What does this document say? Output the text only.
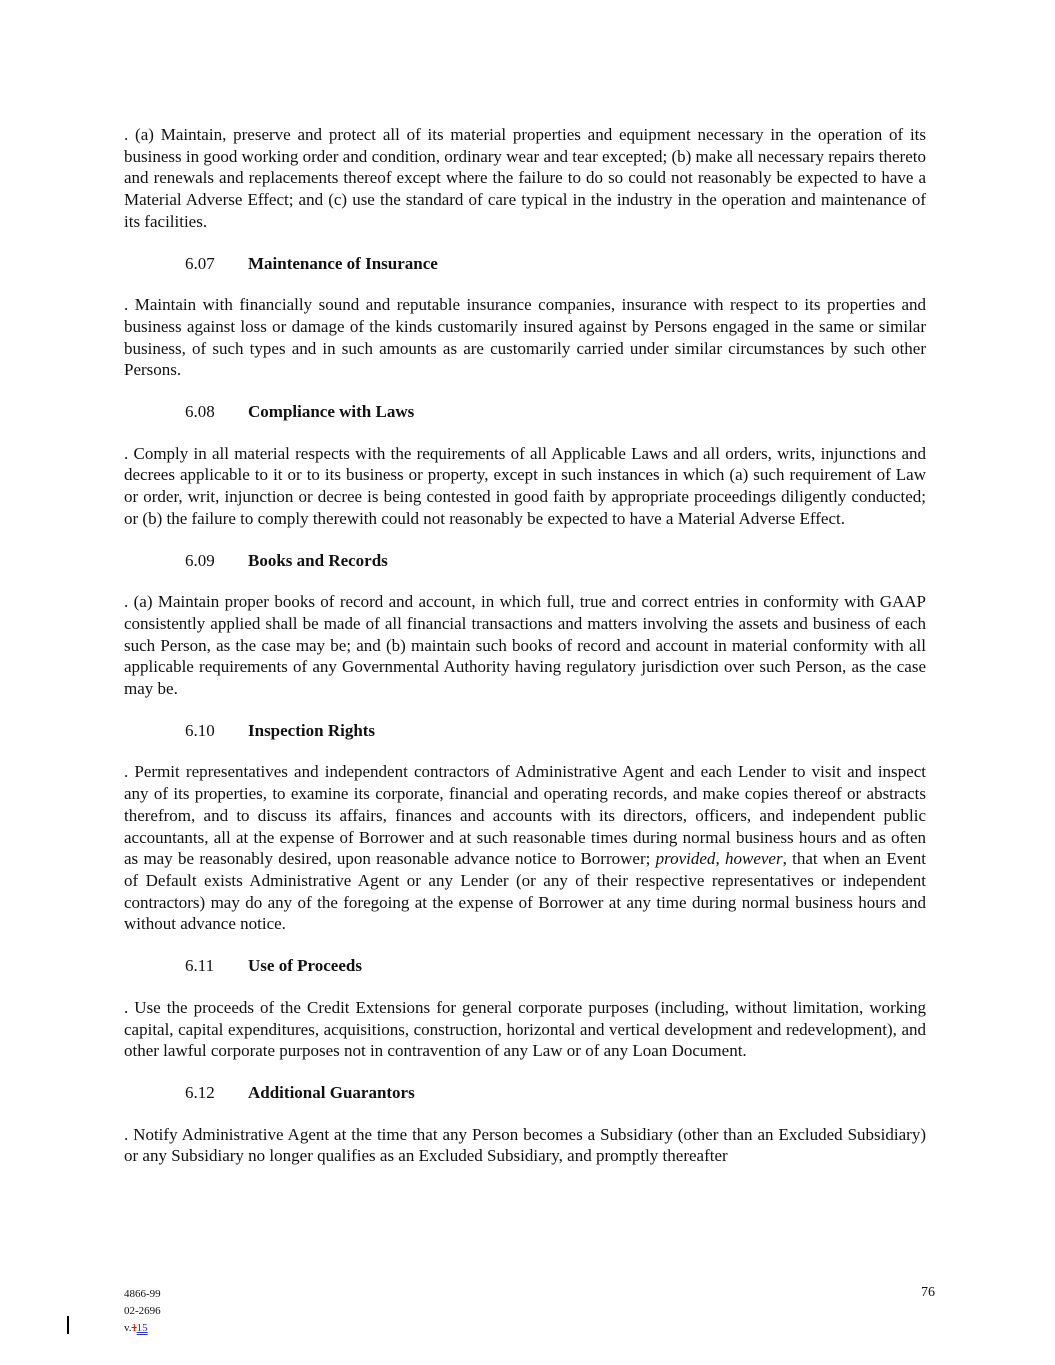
. (a) Maintain, preserve and protect all of its material properties and equipment necessary in the operation of its business in good working order and condition, ordinary wear and tear excepted; (b) make all necessary repairs thereto and renewals and replacements thereof except where the failure to do so could not reasonably be expected to have a Material Adverse Effect; and (c) use the standard of care typical in the industry in the operation and maintenance of its facilities.

6.07 Maintenance of Insurance

. Maintain with financially sound and reputable insurance companies, insurance with respect to its properties and business against loss or damage of the kinds customarily insured against by Persons engaged in the same or similar business, of such types and in such amounts as are customarily carried under similar circumstances by such other Persons.

6.08 Compliance with Laws

. Comply in all material respects with the requirements of all Applicable Laws and all orders, writs, injunctions and decrees applicable to it or to its business or property, except in such instances in which (a) such requirement of Law or order, writ, injunction or decree is being contested in good faith by appropriate proceedings diligently conducted; or (b) the failure to comply therewith could not reasonably be expected to have a Material Adverse Effect.

6.09 Books and Records

. (a) Maintain proper books of record and account, in which full, true and correct entries in conformity with GAAP consistently applied shall be made of all financial transactions and matters involving the assets and business of each such Person, as the case may be; and (b) maintain such books of record and account in material conformity with all applicable requirements of any Governmental Authority having regulatory jurisdiction over such Person, as the case may be.

6.10 Inspection Rights

. Permit representatives and independent contractors of Administrative Agent and each Lender to visit and inspect any of its properties, to examine its corporate, financial and operating records, and make copies thereof or abstracts therefrom, and to discuss its affairs, finances and accounts with its directors, officers, and independent public accountants, all at the expense of Borrower and at such reasonable times during normal business hours and as often as may be reasonably desired, upon reasonable advance notice to Borrower; provided, however, that when an Event of Default exists Administrative Agent or any Lender (or any of their respective representatives or independent contractors) may do any of the foregoing at the expense of Borrower at any time during normal business hours and without advance notice.

6.11 Use of Proceeds

. Use the proceeds of the Credit Extensions for general corporate purposes (including, without limitation, working capital, capital expenditures, acquisitions, construction, horizontal and vertical development and redevelopment), and other lawful corporate purposes not in contravention of any Law or of any Loan Document.

6.12 Additional Guarantors

. Notify Administrative Agent at the time that any Person becomes a Subsidiary (other than an Excluded Subsidiary) or any Subsidiary no longer qualifies as an Excluded Subsidiary, and promptly thereafter

4866-99
02-2696
v.115
76
